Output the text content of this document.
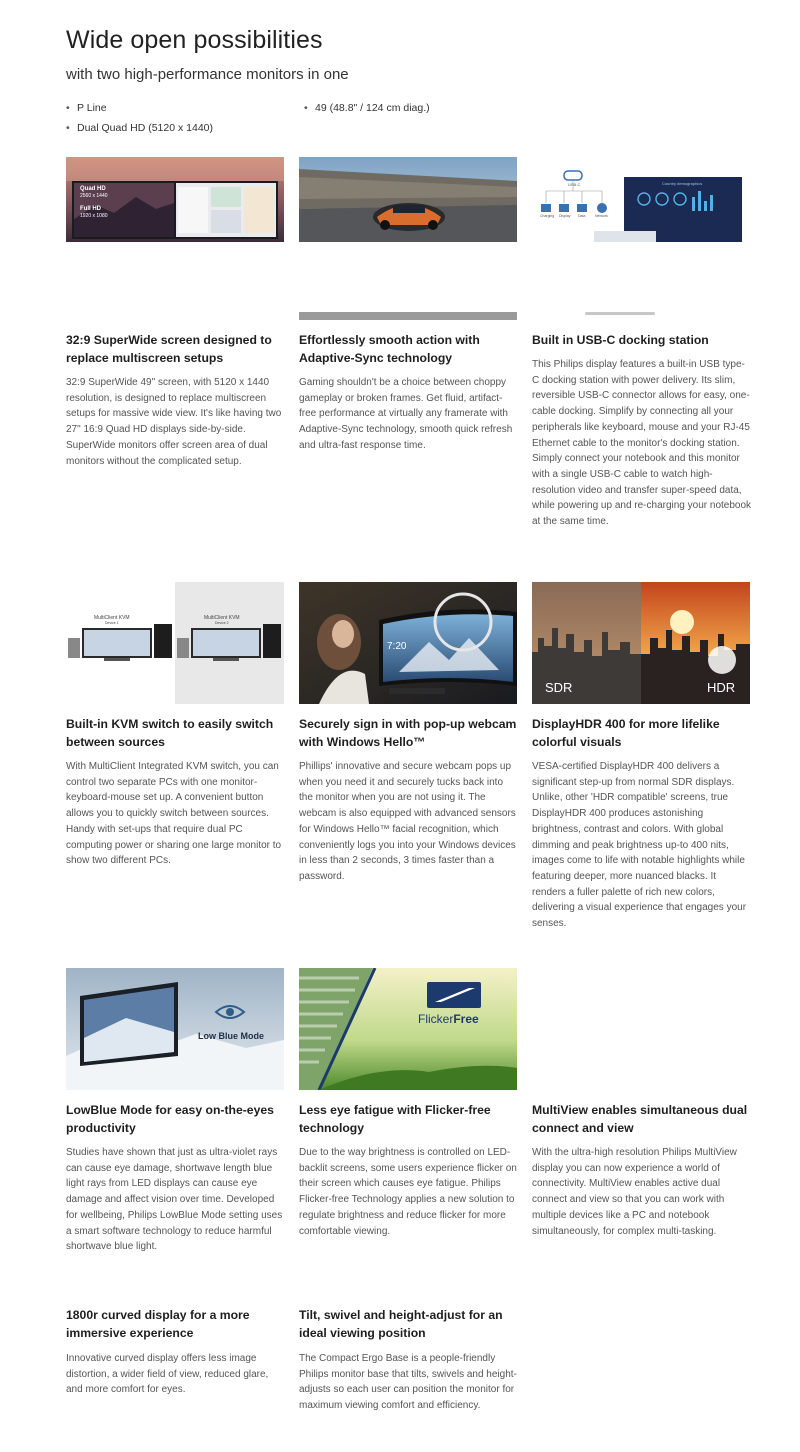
Wide open possibilities
with two high-performance monitors in one
• P Line
•	49 (48.8" / 124 cm diag.)
• Dual Quad HD (5120 x 1440)
Quad HD
2560 x 1440
Full HD
1920 x 1080
USB-C
Charging Display Data	Network
Country demographics
32:9 SuperWide screen designed to replace multiscreen setups

32:9 SuperWide 49" screen, with 5120 x 1440 resolution, is designed to replace multiscreen setups for massive wide view. It's like having two 27" 16:9 Quad HD displays side-by-side. SuperWide monitors offer screen area of dual monitors without the complicated setup.

Effortlessly smooth action with Adaptive-Sync technology

Gaming shouldn't be a choice between choppy gameplay or broken frames. Get fluid, artifact-free performance at virtually any framerate with Adaptive-Sync technology, smooth quick refresh and ultra-fast response time.

Built in USB-C docking station

This Philips display features a built-in USB type-C docking station with power delivery. Its slim, reversible USB-C connector allows for easy, one-cable docking. Simplify by connecting all your peripherals like keyboard, mouse and your RJ-45 Ethernet cable to the monitor's docking station. Simply connect your notebook and this monitor with a single USB-C cable to watch high-resolution video and transfer super-speed data, while powering up and re-charging your notebook at the same time.

MultiClient KVM
Device 1
MultiClient KVM
Device 2
7:20
SDR	HDR
Built-in KVM switch to easily switch between sources

With MultiClient Integrated KVM switch, you can control two separate PCs with one monitor-keyboard-mouse set up. A convenient button allows you to quickly switch between sources. Handy with set-ups that require dual PC computing power or sharing one large monitor to show two different PCs.

Securely sign in with pop-up webcam with Windows Hello™

Phillips' innovative and secure webcam pops up when you need it and securely tucks back into the monitor when you are not using it. The webcam is also equipped with advanced sensors for Windows Hello™ facial recognition, which conveniently logs you into your Windows devices in less than 2 seconds, 3 times faster than a password.

DisplayHDR 400 for more lifelike colorful visuals

VESA-certified DisplayHDR 400 delivers a significant step-up from normal SDR displays. Unlike, other 'HDR compatible' screens, true DisplayHDR 400 produces astonishing brightness, contrast and colors. With global dimming and peak brightness up-to 400 nits, images come to life with notable highlights while featuring deeper, more nuanced blacks. It renders a fuller palette of rich new colors, delivering a visual experience that engages your senses.

Low Blue Mode
FlickerFree
LowBlue Mode for easy on-the-eyes productivity

Studies have shown that just as ultra-violet rays can cause eye damage, shortwave length blue light rays from LED displays can cause eye damage and affect vision over time. Developed for wellbeing, Philips LowBlue Mode setting uses a smart software technology to reduce harmful shortwave blue light.

Less eye fatigue with Flicker-free technology

Due to the way brightness is controlled on LED-backlit screens, some users experience flicker on their screen which causes eye fatigue. Philips Flicker-free Technology applies a new solution to regulate brightness and reduce flicker for more comfortable viewing.

MultiView enables simultaneous dual connect and view

With the ultra-high resolution Philips MultiView display you can now experience a world of connectivity. MultiView enables active dual connect and view so that you can work with multiple devices like a PC and notebook simultaneously, for complex multi-tasking.

1800r curved display for a more immersive experience

Innovative curved display offers less image distortion, a wider field of view, reduced glare, and more comfort for eyes.

Tilt, swivel and height-adjust for an ideal viewing position

The Compact Ergo Base is a people-friendly Philips monitor base that tilts, swivels and height-adjusts so each user can position the monitor for maximum viewing comfort and efficiency.
